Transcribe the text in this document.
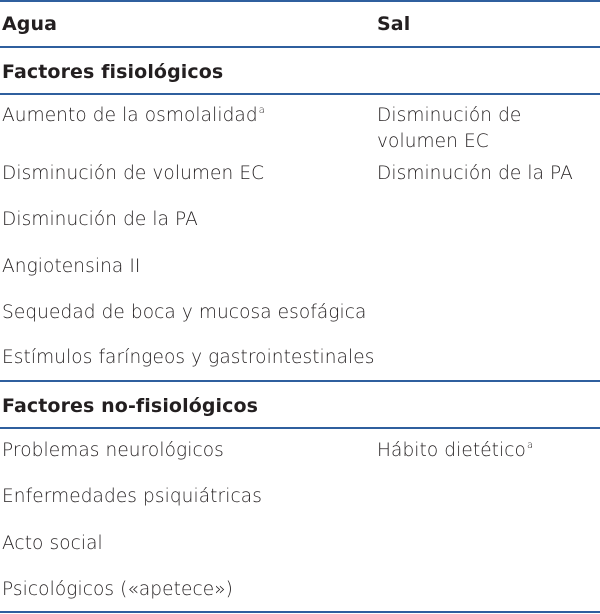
Agua	Sal
Factores fisiológicos
Aumento de la osmolalidad$^a$	Disminución de volumen EC
Disminución de volumen EC	Disminución de la PA
Disminución de la PA
Angiotensina II
Sequedad de boca y mucosa esofágica
Estímulos faríngeos y gastrointestinales
Factores no-fisiológicos
Problemas neurológicos	Hábito dietético$^a$
Enfermedades psiquiátricas
Acto social
Psicológicos («apetece»)
